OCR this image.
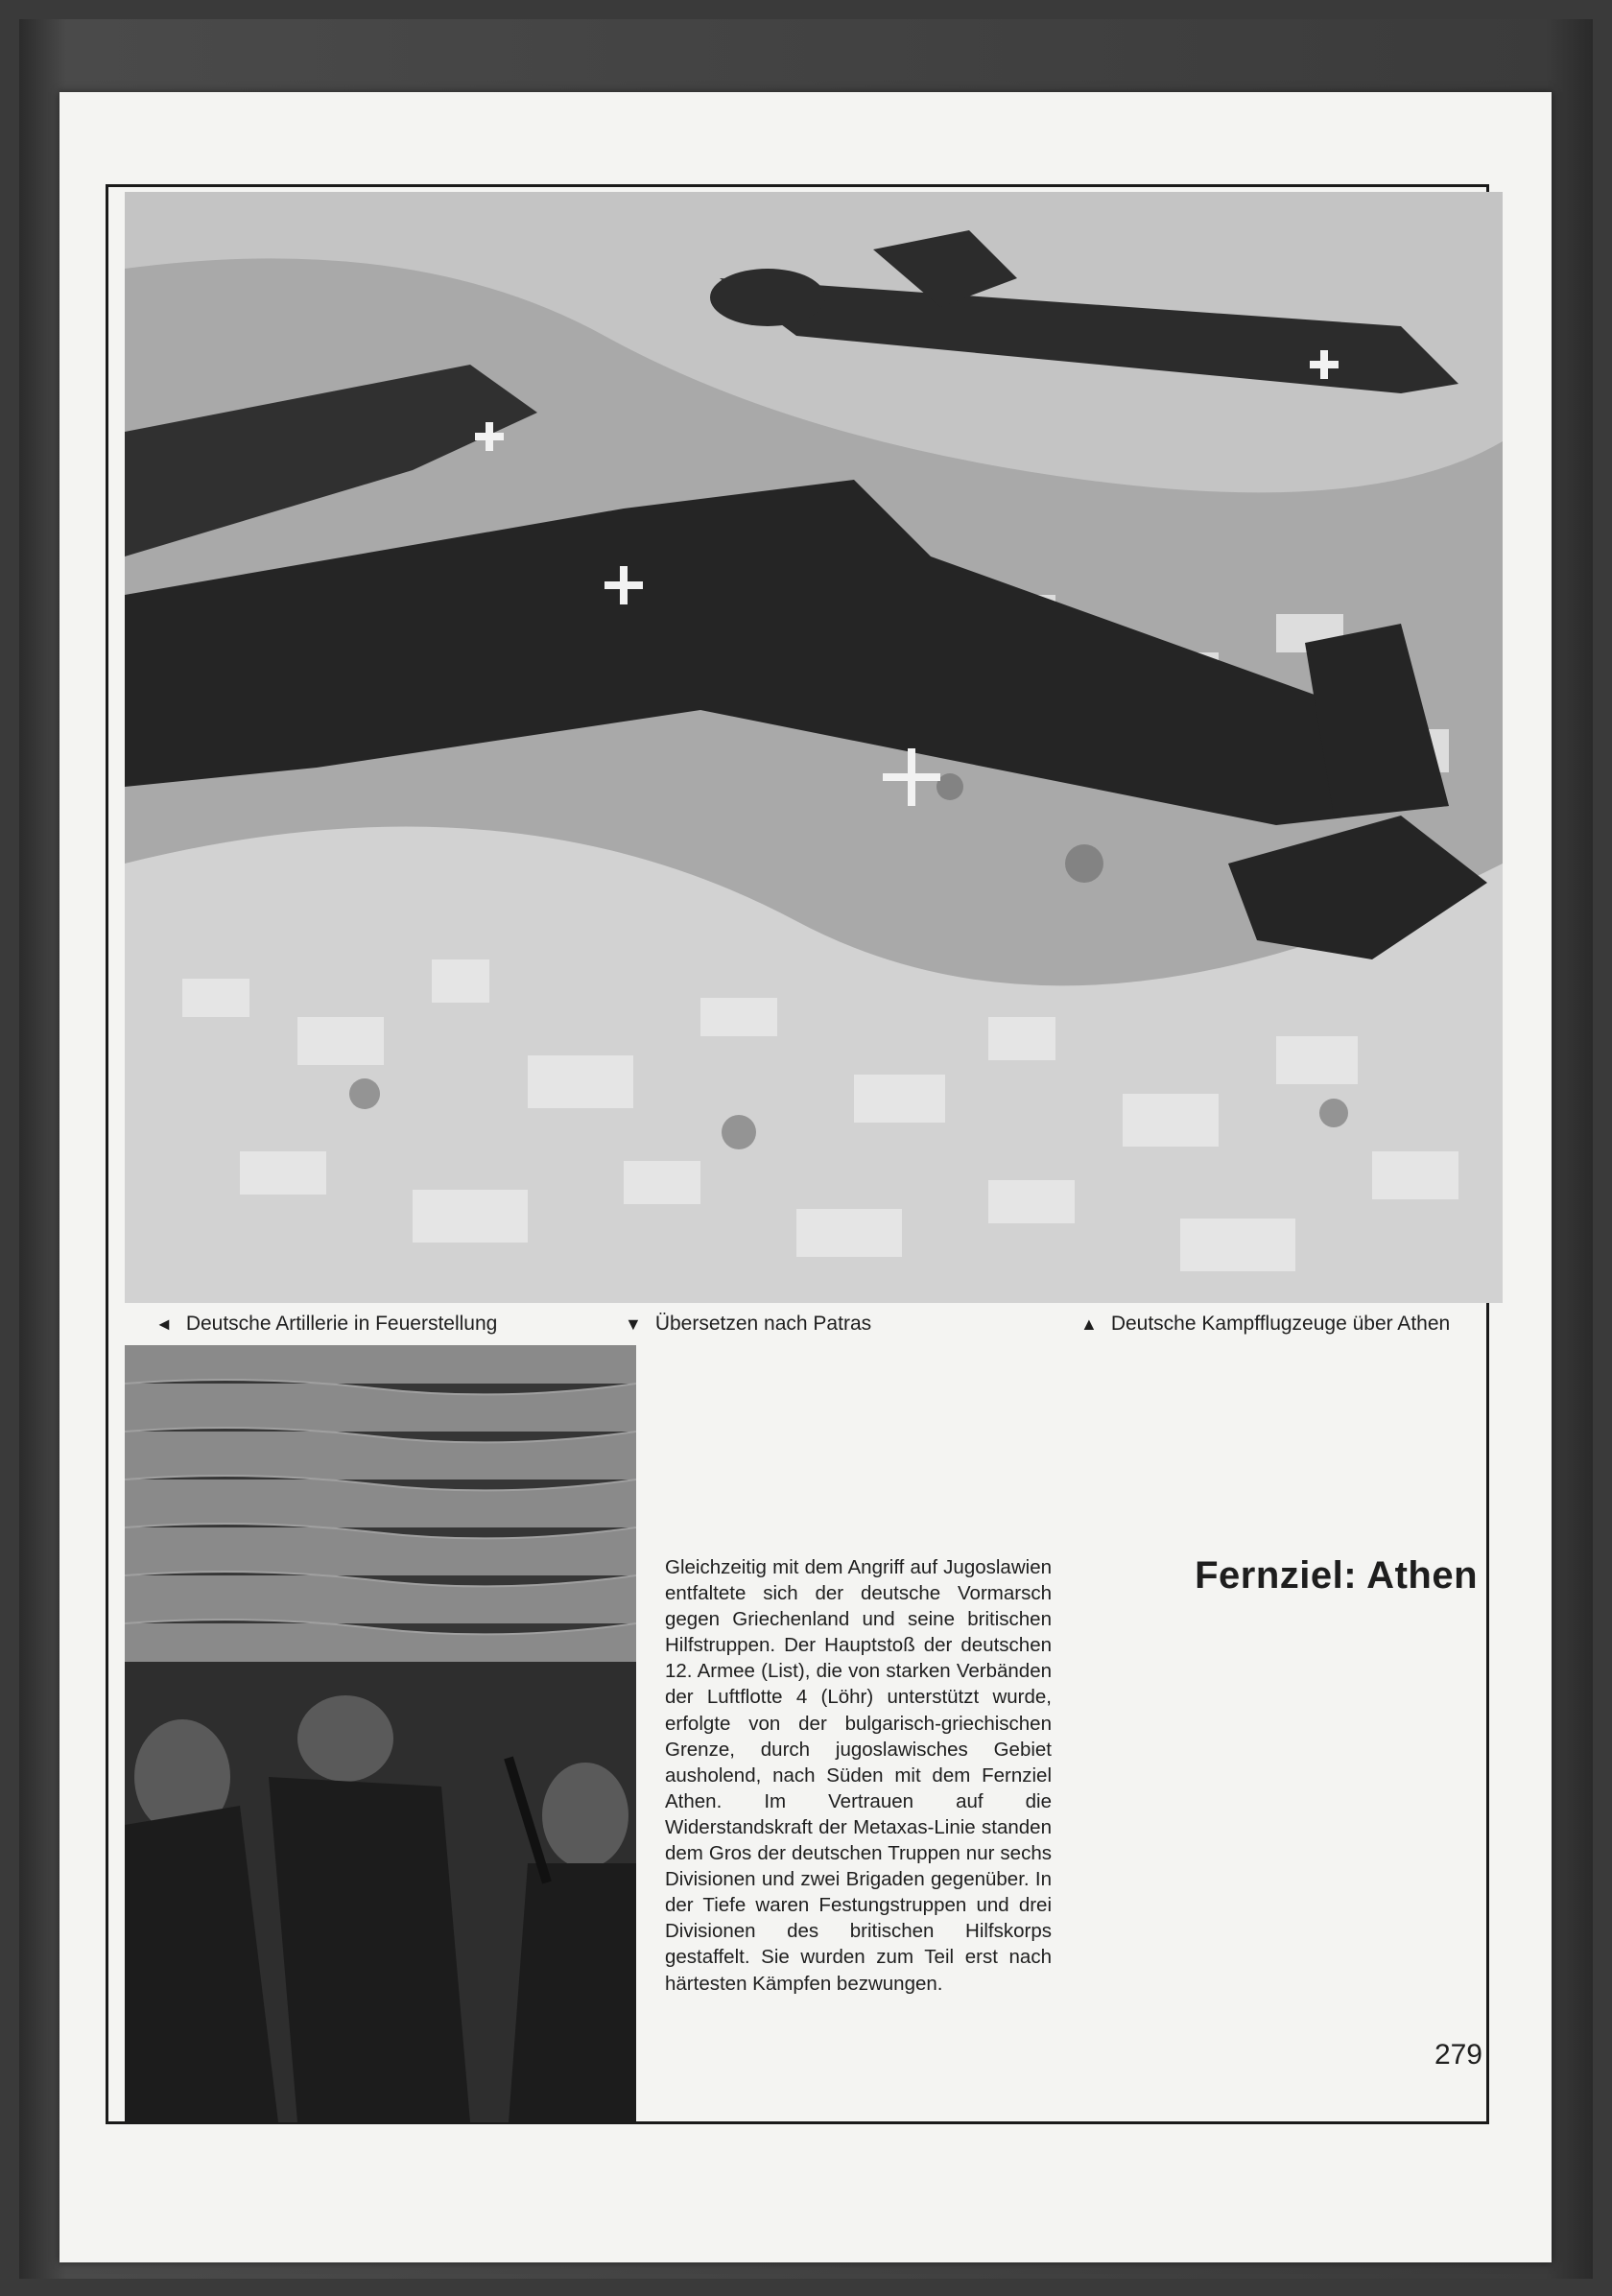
◄ Deutsche Artillerie in Feuerstellung	▼ Übersetzen nach Patras	▲ Deutsche Kampfflugzeuge über Athen
Gleichzeitig mit dem Angriff auf Jugoslawien entfaltete sich der deutsche Vormarsch gegen Griechenland und seine britischen Hilfstruppen. Der Hauptstoß der deutschen 12. Armee (List), die von starken Verbänden der Luftflotte 4 (Löhr) unterstützt wurde, erfolgte von der bulgarisch-griechischen Grenze, durch jugoslawisches Gebiet ausholend, nach Süden mit dem Fernziel Athen. Im Vertrauen auf die Widerstandskraft der Metaxas-Linie standen dem Gros der deutschen Truppen nur sechs Divisionen und zwei Brigaden gegenüber. In der Tiefe waren Festungstruppen und drei Divisionen des britischen Hilfskorps gestaffelt. Sie wurden zum Teil erst nach härtesten Kämpfen bezwungen.
Fernziel: Athen
279
